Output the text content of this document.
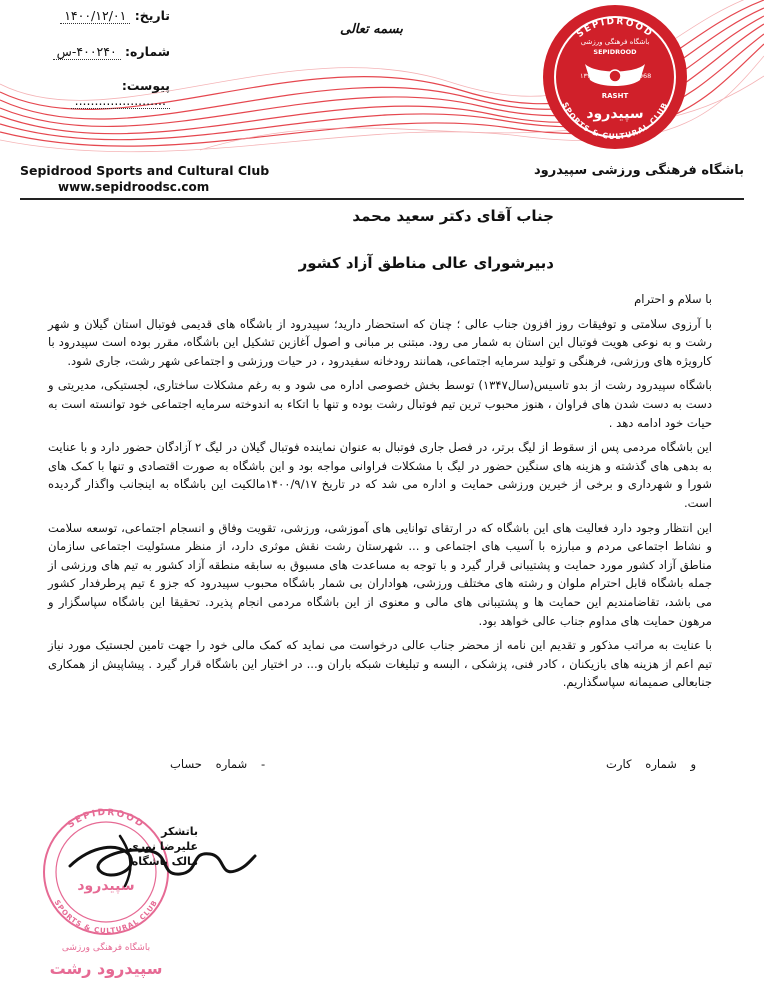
تاریخ: ۱۴۰۰/۱۲/۰۱
شماره: ۴۰۰۲۴۰-س
پیوست: .......................
بسمه تعالی	SEPIDROOD
SPORTS & CULTURAL CLUB
باشگاه فرهنگی ورزشی
SEPIDROOD
۱۳۴۷	1968
RASHT
سپیدرود
Sepidrood Sports and Cultural Club
www.sepidroodsc.com
باشگاه فرهنگی ورزشی سپیدرود
جناب آقای دکتر سعید محمد
دبیرشورای عالی مناطق آزاد کشور

با سلام و احترام

با آرزوی سلامتی و توفیقات روز افزون جناب عالی ؛ چنان که استحضار دارید؛ سپیدرود از باشگاه های قدیمی فوتبال استان گیلان و شهر رشت و به نوعی هویت فوتبال این استان به شمار می رود. مبتنی بر مبانی و اصول آغازین تشکیل این باشگاه، مقرر بوده است سپیدرود با کارویژه های ورزشی، فرهنگی و تولید سرمایه اجتماعی، همانند رودخانه سفیدرود ، در حیات ورزشی و اجتماعی شهر رشت، جاری شود.

باشگاه سپیدرود رشت از بدو تاسیس(سال۱۳۴۷) توسط بخش خصوصی اداره می شود و به رغم مشکلات ساختاری، لجستیکی، مدیریتی و دست به دست شدن های فراوان ، هنوز محبوب ترین تیم فوتبال رشت بوده و تنها با اتکاء به اندوخته سرمایه اجتماعی خود توانسته است به حیات خود ادامه دهد .

این باشگاه مردمی پس از سقوط از لیگ برتر، در فصل جاری فوتبال به عنوان نماینده فوتبال گیلان در لیگ ۲ آزادگان حضور دارد و با عنایت به بدهی های گذشته و هزینه های سنگین حضور در لیگ با مشکلات فراوانی مواجه بود و این باشگاه به صورت اقتصادی و تنها با کمک های شورا و شهرداری و برخی از خیرین ورزشی حمایت و اداره می شد که در تاریخ ۱۴۰۰/۹/۱۷مالکیت این باشگاه به اینجانب واگذار گردیده است.

این انتظار وجود دارد فعالیت های این باشگاه که در ارتقای توانایی های آموزشی، ورزشی، تقویت وفاق و انسجام اجتماعی، توسعه سلامت و نشاط اجتماعی مردم و مبارزه با آسیب های اجتماعی و ... شهرستان رشت نقش موثری دارد، از منظر مسئولیت اجتماعی سازمان مناطق آزاد کشور مورد حمایت و پشتیبانی قرار گیرد و با توجه به مساعدت های مسبوق به سابقه منطقه آزاد کشور به تیم های ورزشی از جمله باشگاه قابل احترام ملوان و رشته های مختلف ورزشی، هواداران بی شمار باشگاه محبوب سپیدرود که جزو ٤ تیم پرطرفدار کشور می باشد، تقاضامندیم این حمایت ها و پشتیبانی های مالی و معنوی از این باشگاه مردمی انجام پذیرد. تحقیقا این باشگاه سپاسگزار و مرهون حمایت های مداوم جناب عالی خواهد بود.

با عنایت به مراتب مذکور و تقدیم این نامه از محضر جناب عالی درخواست می نماید که کمک مالی خود را جهت تامین لجستیک مورد نیاز تیم اعم از هزینه های بازیکنان ، کادر فنی، پزشکی ، البسه و تبلیغات شبکه باران و... در اختیار این باشگاه قرار گیرد . پیشاپیش از همکاری جنابعالی صمیمانه سپاسگذاریم.

و شماره کارت
- شماره حساب
SEPIDROOD
SPORTS & CULTURAL CLUB
سپیدرود
باشگاه فرهنگی ورزشی
سپیدرود رشت
باتشکر
علیرضا نوری
مالک باشگاه
